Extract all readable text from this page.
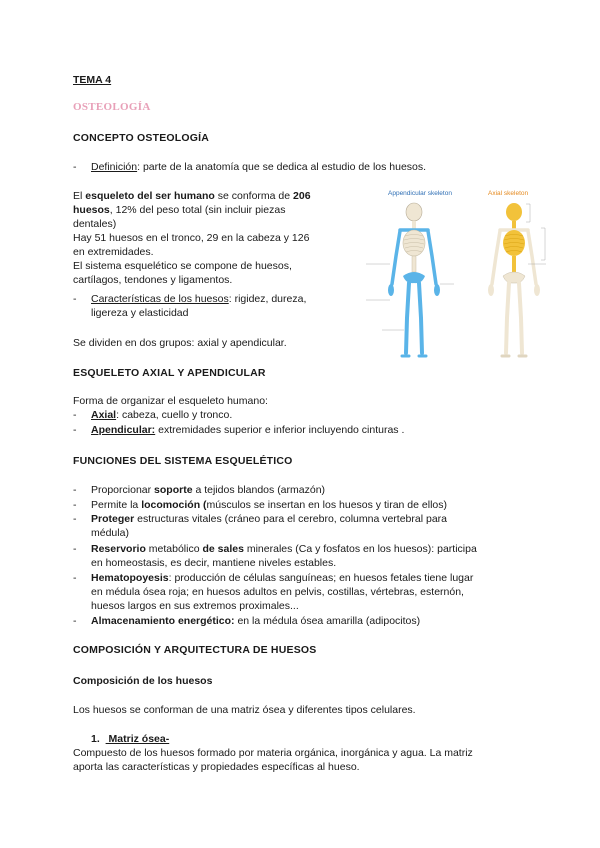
TEMA 4
OSTEOLOGÍA
CONCEPTO OSTEOLOGÍA
- Definición: parte de la anatomía que se dedica al estudio de los huesos.
El esqueleto del ser humano se conforma de 206
huesos, 12% del peso total (sin incluir piezas
dentales)
Hay 51 huesos en el tronco, 29 en la cabeza y 126
en extremidades.
El sistema esquelético se compone de huesos,
cartílagos, tendones y ligamentos.
- Características de los huesos: rigidez, dureza,
ligereza y elasticidad
Se dividen en dos grupos: axial y apendicular.
ESQUELETO AXIAL Y APENDICULAR
Forma de organizar el esqueleto humano:
- Axial: cabeza, cuello y tronco.
- Apendicular: extremidades superior e inferior incluyendo cinturas .
FUNCIONES DEL SISTEMA ESQUELÉTICO
- Proporcionar soporte a tejidos blandos (armazón)
- Permite la locomoción (músculos se insertan en los huesos y tiran de ellos)
- Proteger estructuras vitales (cráneo para el cerebro, columna vertebral para
médula)
- Reservorio metabólico de sales minerales (Ca y fosfatos en los huesos): participa
en homeostasis, es decir, mantiene niveles estables.
- Hematopoyesis: producción de células sanguíneas; en huesos fetales tiene lugar
en médula ósea roja; en huesos adultos en pelvis, costillas, vértebras, esternón,
huesos largos en sus extremos proximales...
- Almacenamiento energético: en la médula ósea amarilla (adipocitos)
COMPOSICIÓN Y ARQUITECTURA DE HUESOS
Composición de los huesos
Los huesos se conforman de una matriz ósea y diferentes tipos celulares.
1.   Matriz ósea-
Compuesto de los huesos formado por materia orgánica, inorgánica y agua. La matriz
aporta las características y propiedades específicas al hueso.
Appendicular skeleton	Axial skeleton
